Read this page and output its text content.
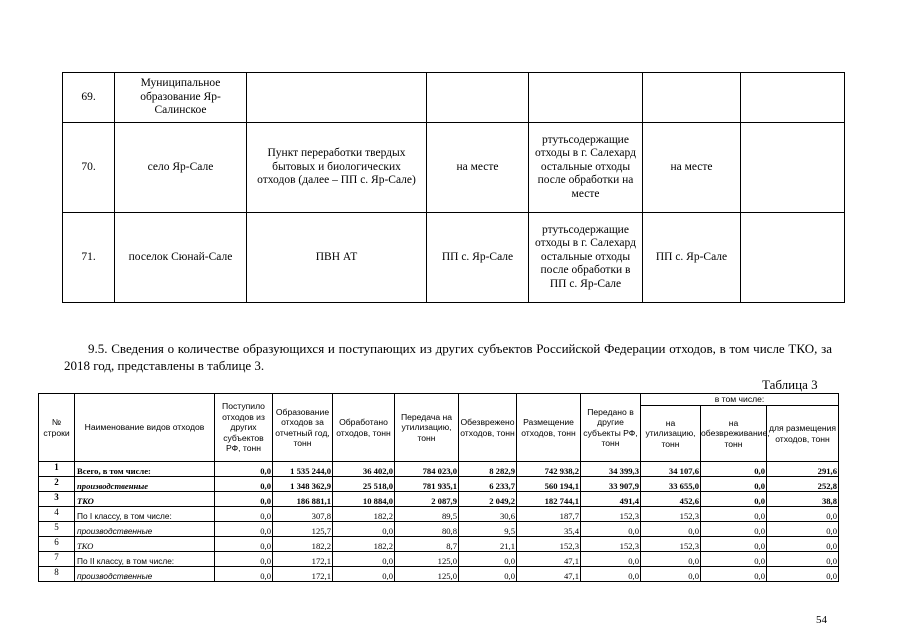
69.	Муниципальное образование Яр-Салинское					
70.	село Яр-Сале	Пункт переработки твердых бытовых и биологических отходов (далее – ПП с. Яр-Сале)	на месте	ртутьсодержащие отходы в г. Салехард остальные отходы после обработки на месте	на месте	
71.	поселок Сюнай-Сале	ПВН АТ	ПП с. Яр-Сале	ртутьсодержащие отходы в г. Салехард остальные отходы после обработки в ПП с. Яр-Сале	ПП с. Яр-Сале	
9.5. Сведения о количестве образующихся и поступающих из других субъектов Российской Федерации отходов, в том числе ТКО, за 2018 год, представлены в таблице 3.
Таблица 3
№ строки	Наименование видов отходов	Поступило отходов из других субъектов РФ, тонн	Образование отходов за отчетный год, тонн	Обработано отходов, тонн	Передача на утилизацию, тонн	Обезврежено отходов, тонн	Размещение отходов, тонн	Передано в другие субъекты РФ, тонн	в том числе:		
									на утилизацию, тонн	на обезвреживание, тонн	для размещения отходов, тонн
1	Всего, в том числе:	0,0	1 535 244,0	36 402,0	784 023,0	8 282,9	742 938,2	34 399,3	34 107,6	0,0	291,6
2	производственные	0,0	1 348 362,9	25 518,0	781 935,1	6 233,7	560 194,1	33 907,9	33 655,0	0,0	252,8
3	ТКО	0,0	186 881,1	10 884,0	2 087,9	2 049,2	182 744,1	491,4	452,6	0,0	38,8
4	По I классу, в том числе:	0,0	307,8	182,2	89,5	30,6	187,7	152,3	152,3	0,0	0,0
5	производственные	0,0	125,7	0,0	80,8	9,5	35,4	0,0	0,0	0,0	0,0
6	ТКО	0,0	182,2	182,2	8,7	21,1	152,3	152,3	152,3	0,0	0,0
7	По II классу, в том числе:	0,0	172,1	0,0	125,0	0,0	47,1	0,0	0,0	0,0	0,0
8	производственные	0,0	172,1	0,0	125,0	0,0	47,1	0,0	0,0	0,0	0,0
54
